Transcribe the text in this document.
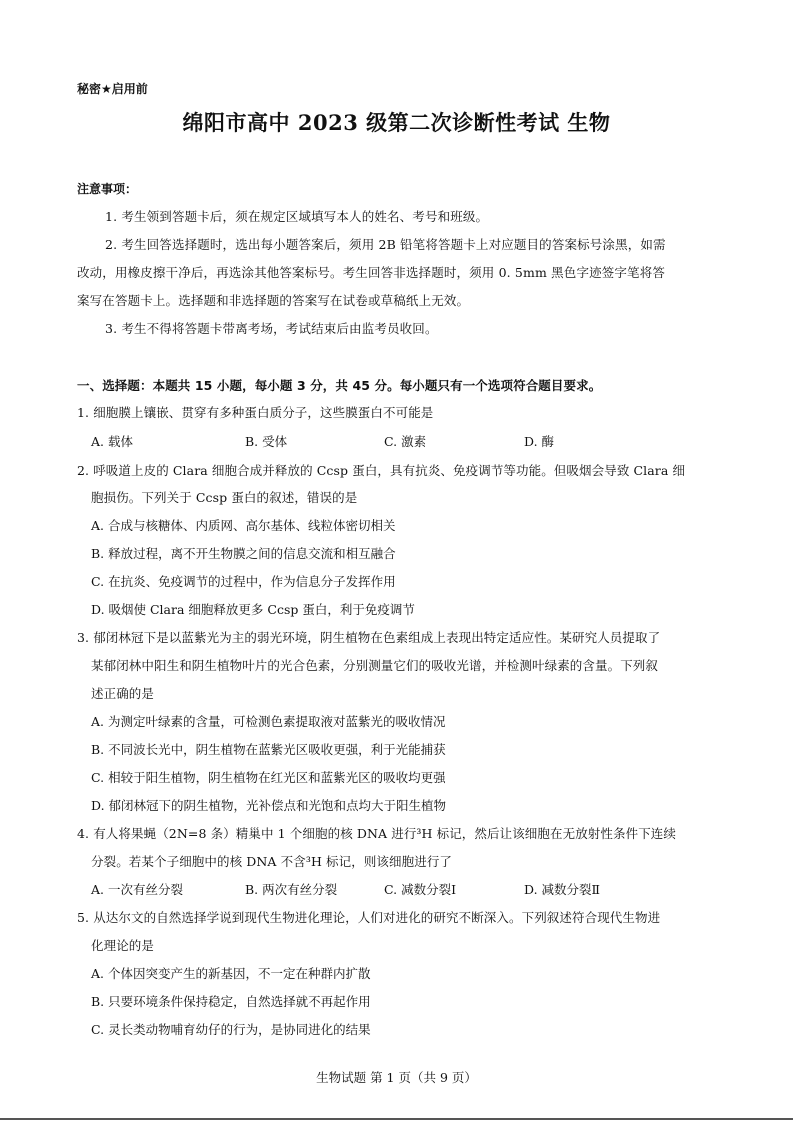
秘密★启用前
绵阳市高中 2023 级第二次诊断性考试 生物
注意事项：
1. 考生领到答题卡后，须在规定区域填写本人的姓名、考号和班级。
2. 考生回答选择题时，选出每小题答案后，须用 2B 铅笔将答题卡上对应题目的答案标号涂黑，如需
改动，用橡皮擦干净后，再选涂其他答案标号。考生回答非选择题时，须用 0. 5mm 黑色字迹签字笔将答
案写在答题卡上。选择题和非选择题的答案写在试卷或草稿纸上无效。
3. 考生不得将答题卡带离考场，考试结束后由监考员收回。
一、选择题：本题共 15 小题，每小题 3 分，共 45 分。每小题只有一个选项符合题目要求。
1. 细胞膜上镶嵌、贯穿有多种蛋白质分子，这些膜蛋白不可能是
A. 载体	B. 受体	C. 激素	D. 酶
2. 呼吸道上皮的 Clara 细胞合成并释放的 Ccsp 蛋白，具有抗炎、免疫调节等功能。但吸烟会导致 Clara 细
胞损伤。下列关于 Ccsp 蛋白的叙述，错误的是
A. 合成与核糖体、内质网、高尔基体、线粒体密切相关
B. 释放过程，离不开生物膜之间的信息交流和相互融合
C. 在抗炎、免疫调节的过程中，作为信息分子发挥作用
D. 吸烟使 Clara 细胞释放更多 Ccsp 蛋白，利于免疫调节
3. 郁闭林冠下是以蓝紫光为主的弱光环境，阴生植物在色素组成上表现出特定适应性。某研究人员提取了
某郁闭林中阳生和阴生植物叶片的光合色素，分别测量它们的吸收光谱，并检测叶绿素的含量。下列叙
述正确的是
A. 为测定叶绿素的含量，可检测色素提取液对蓝紫光的吸收情况
B. 不同波长光中，阴生植物在蓝紫光区吸收更强，利于光能捕获
C. 相较于阳生植物，阴生植物在红光区和蓝紫光区的吸收均更强
D. 郁闭林冠下的阴生植物，光补偿点和光饱和点均大于阳生植物
4. 有人将果蝇（2N=8 条）精巢中 1 个细胞的核 DNA 进行³H 标记，然后让该细胞在无放射性条件下连续
分裂。若某个子细胞中的核 DNA 不含³H 标记，则该细胞进行了
A. 一次有丝分裂	B. 两次有丝分裂	C. 减数分裂Ⅰ	D. 减数分裂Ⅱ
5. 从达尔文的自然选择学说到现代生物进化理论，人们对进化的研究不断深入。下列叙述符合现代生物进
化理论的是
A. 个体因突变产生的新基因，不一定在种群内扩散
B. 只要环境条件保持稳定，自然选择就不再起作用
C. 灵长类动物哺育幼仔的行为，是协同进化的结果
生物试题 第 1 页（共 9 页）
